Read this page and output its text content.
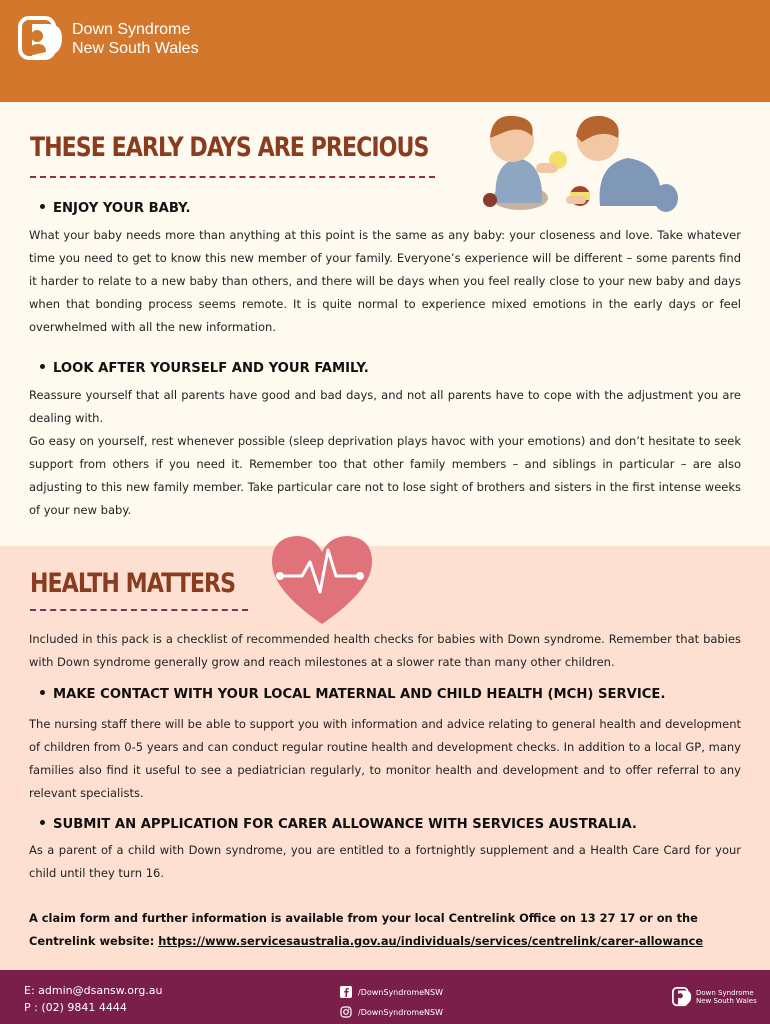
Down Syndrome
New South Wales
THESE EARLY DAYS ARE PRECIOUS
ENJOY YOUR BABY.
What your baby needs more than anything at this point is the same as any baby: your closeness and love. Take whatever time you need to get to know this new member of your family. Everyone’s experience will be different – some parents find it harder to relate to a new baby than others, and there will be days when you feel really close to your new baby and days when that bonding process seems remote. It is quite normal to experience mixed emotions in the early days or feel overwhelmed with all the new information.
LOOK AFTER YOURSELF AND YOUR FAMILY.
Reassure yourself that all parents have good and bad days, and not all parents have to cope with the adjustment you are dealing with.
Go easy on yourself, rest whenever possible (sleep deprivation plays havoc with your emotions) and don’t hesitate to seek support from others if you need it. Remember too that other family members – and siblings in particular – are also adjusting to this new family member. Take particular care not to lose sight of brothers and sisters in the first intense weeks of your new baby.
HEALTH MATTERS
Included in this pack is a checklist of recommended health checks for babies with Down syndrome. Remember that babies with Down syndrome generally grow and reach milestones at a slower rate than many other children.
MAKE CONTACT WITH YOUR LOCAL MATERNAL AND CHILD HEALTH (MCH) SERVICE.
The nursing staff there will be able to support you with information and advice relating to general health and development of children from 0-5 years and can conduct regular routine health and development checks. In addition to a local GP, many families also find it useful to see a pediatrician regularly, to monitor health and development and to offer referral to any relevant specialists.
SUBMIT AN APPLICATION FOR CARER ALLOWANCE WITH SERVICES AUSTRALIA.
As a parent of a child with Down syndrome, you are entitled to a fortnightly supplement and a Health Care Card for your child until they turn 16.
A claim form and further information is available from your local Centrelink Office on 13 27 17 or on the Centrelink website: https://www.servicesaustralia.gov.au/individuals/services/centrelink/carer-allowance
E: admin@dsansw.org.au
P : (02) 9841 4444
/DownSyndromeNSW
/DownSyndromeNSW
Down Syndrome
New South Wales
